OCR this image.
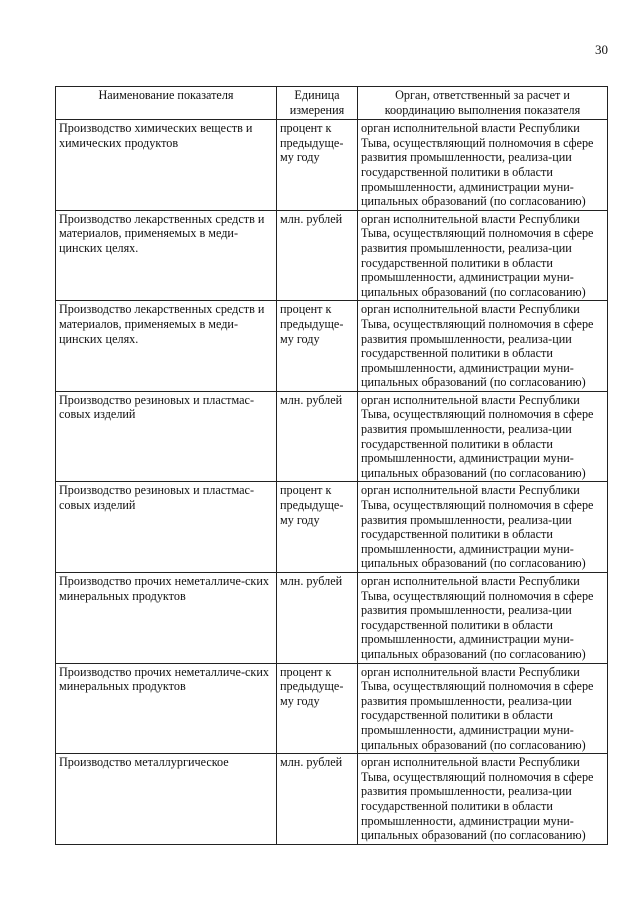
30
Наименование показателя	Единица измерения	Орган, ответственный за расчет и координацию выполнения показателя
Производство химических веществ и химических продуктов	процент к предыдуще-му году	орган исполнительной власти Республики Тыва, осуществляющий полномочия в сфере развития промышленности, реализа-ции государственной политики в области промышленности, администрации муни-ципальных образований (по согласованию)
Производство лекарственных средств и материалов, применяемых в меди-цинских целях.	млн. рублей	орган исполнительной власти Республики Тыва, осуществляющий полномочия в сфере развития промышленности, реализа-ции государственной политики в области промышленности, администрации муни-ципальных образований (по согласованию)
Производство лекарственных средств и материалов, применяемых в меди-цинских целях.	процент к предыдуще-му году	орган исполнительной власти Республики Тыва, осуществляющий полномочия в сфере развития промышленности, реализа-ции государственной политики в области промышленности, администрации муни-ципальных образований (по согласованию)
Производство резиновых и пластмас-совых изделий	млн. рублей	орган исполнительной власти Республики Тыва, осуществляющий полномочия в сфере развития промышленности, реализа-ции государственной политики в области промышленности, администрации муни-ципальных образований (по согласованию)
Производство резиновых и пластмас-совых изделий	процент к предыдуще-му году	орган исполнительной власти Республики Тыва, осуществляющий полномочия в сфере развития промышленности, реализа-ции государственной политики в области промышленности, администрации муни-ципальных образований (по согласованию)
Производство прочих неметалличе-ских минеральных продуктов	млн. рублей	орган исполнительной власти Республики Тыва, осуществляющий полномочия в сфере развития промышленности, реализа-ции государственной политики в области промышленности, администрации муни-ципальных образований (по согласованию)
Производство прочих неметалличе-ских минеральных продуктов	процент к предыдуще-му году	орган исполнительной власти Республики Тыва, осуществляющий полномочия в сфере развития промышленности, реализа-ции государственной политики в области промышленности, администрации муни-ципальных образований (по согласованию)
Производство металлургическое	млн. рублей	орган исполнительной власти Республики Тыва, осуществляющий полномочия в сфере развития промышленности, реализа-ции государственной политики в области промышленности, администрации муни-ципальных образований (по согласованию)
